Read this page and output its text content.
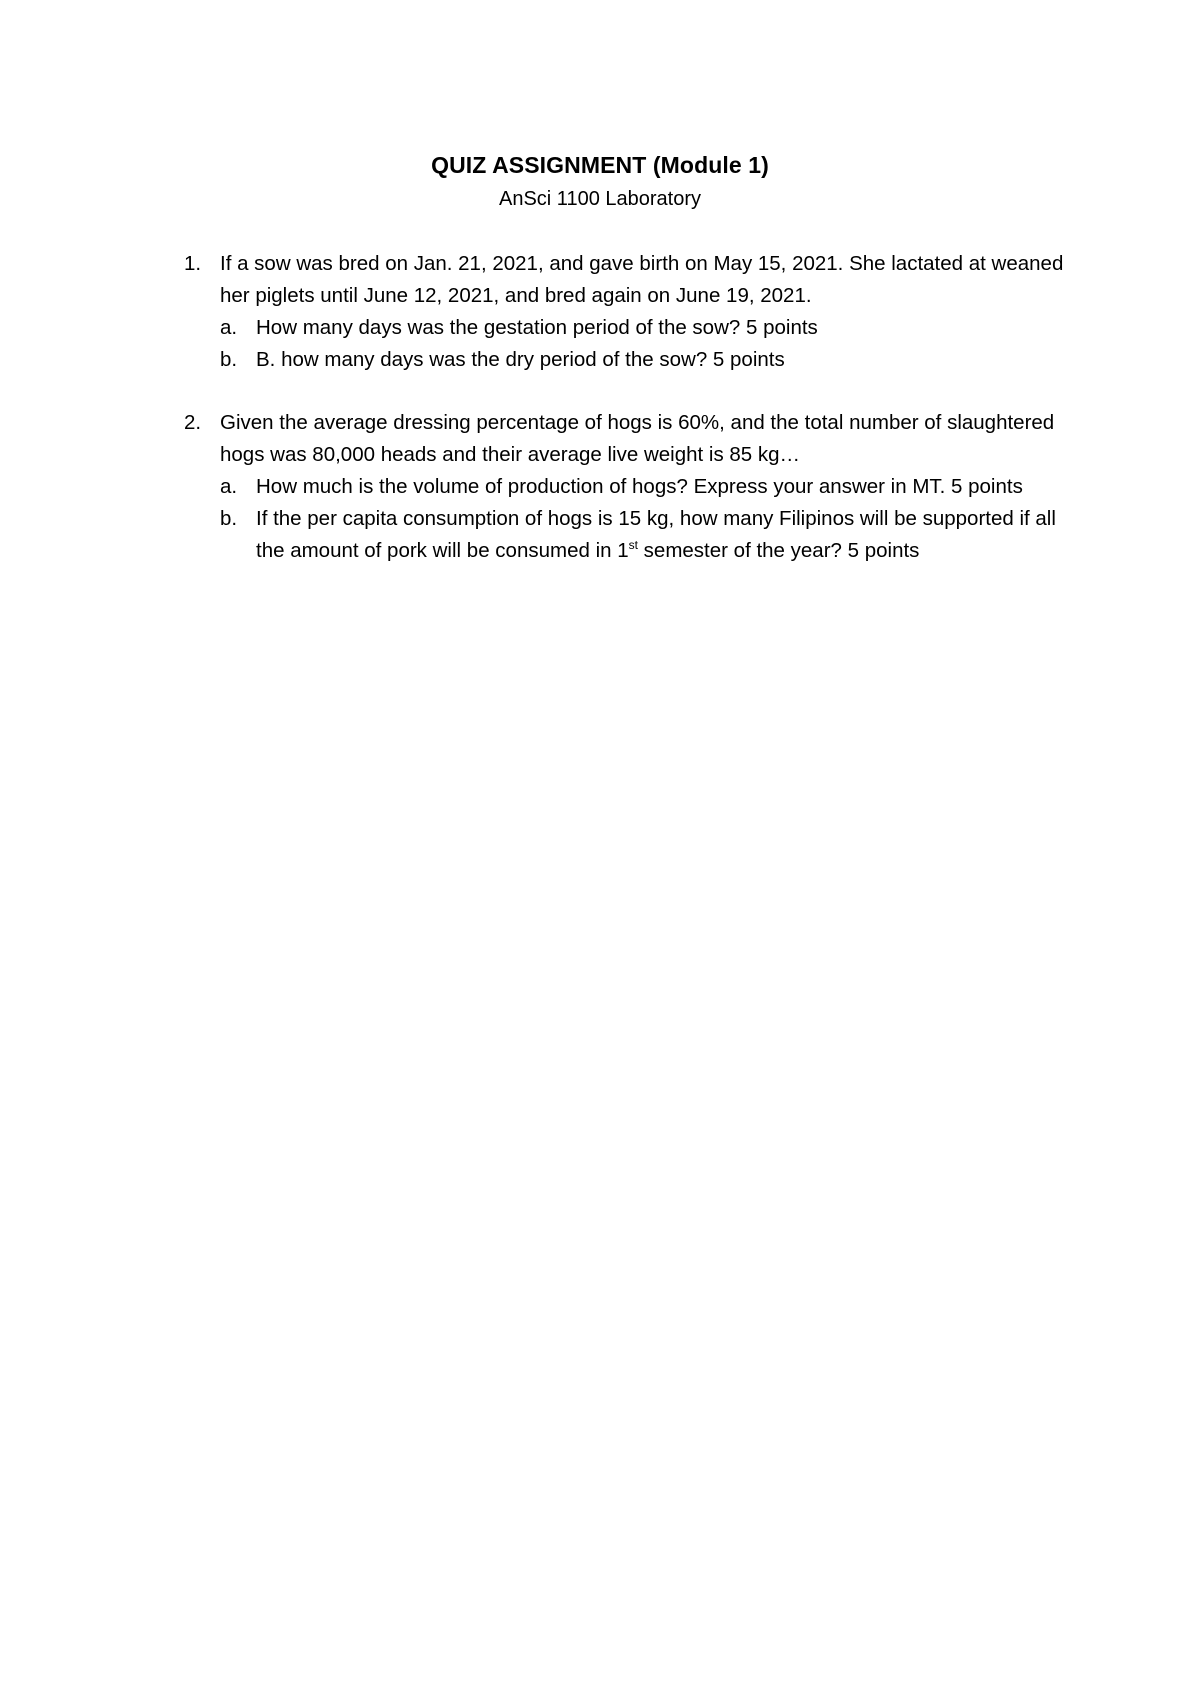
QUIZ ASSIGNMENT (Module 1)
AnSci 1100 Laboratory
1. If a sow was bred on Jan. 21, 2021, and gave birth on May 15, 2021. She lactated at weaned her piglets until June 12, 2021, and bred again on June 19, 2021.
a. How many days was the gestation period of the sow? 5 points
b. B. how many days was the dry period of the sow? 5 points
2. Given the average dressing percentage of hogs is 60%, and the total number of slaughtered hogs was 80,000 heads and their average live weight is 85 kg…
a. How much is the volume of production of hogs? Express your answer in MT. 5 points
b. If the per capita consumption of hogs is 15 kg, how many Filipinos will be supported if all the amount of pork will be consumed in 1st semester of the year? 5 points
